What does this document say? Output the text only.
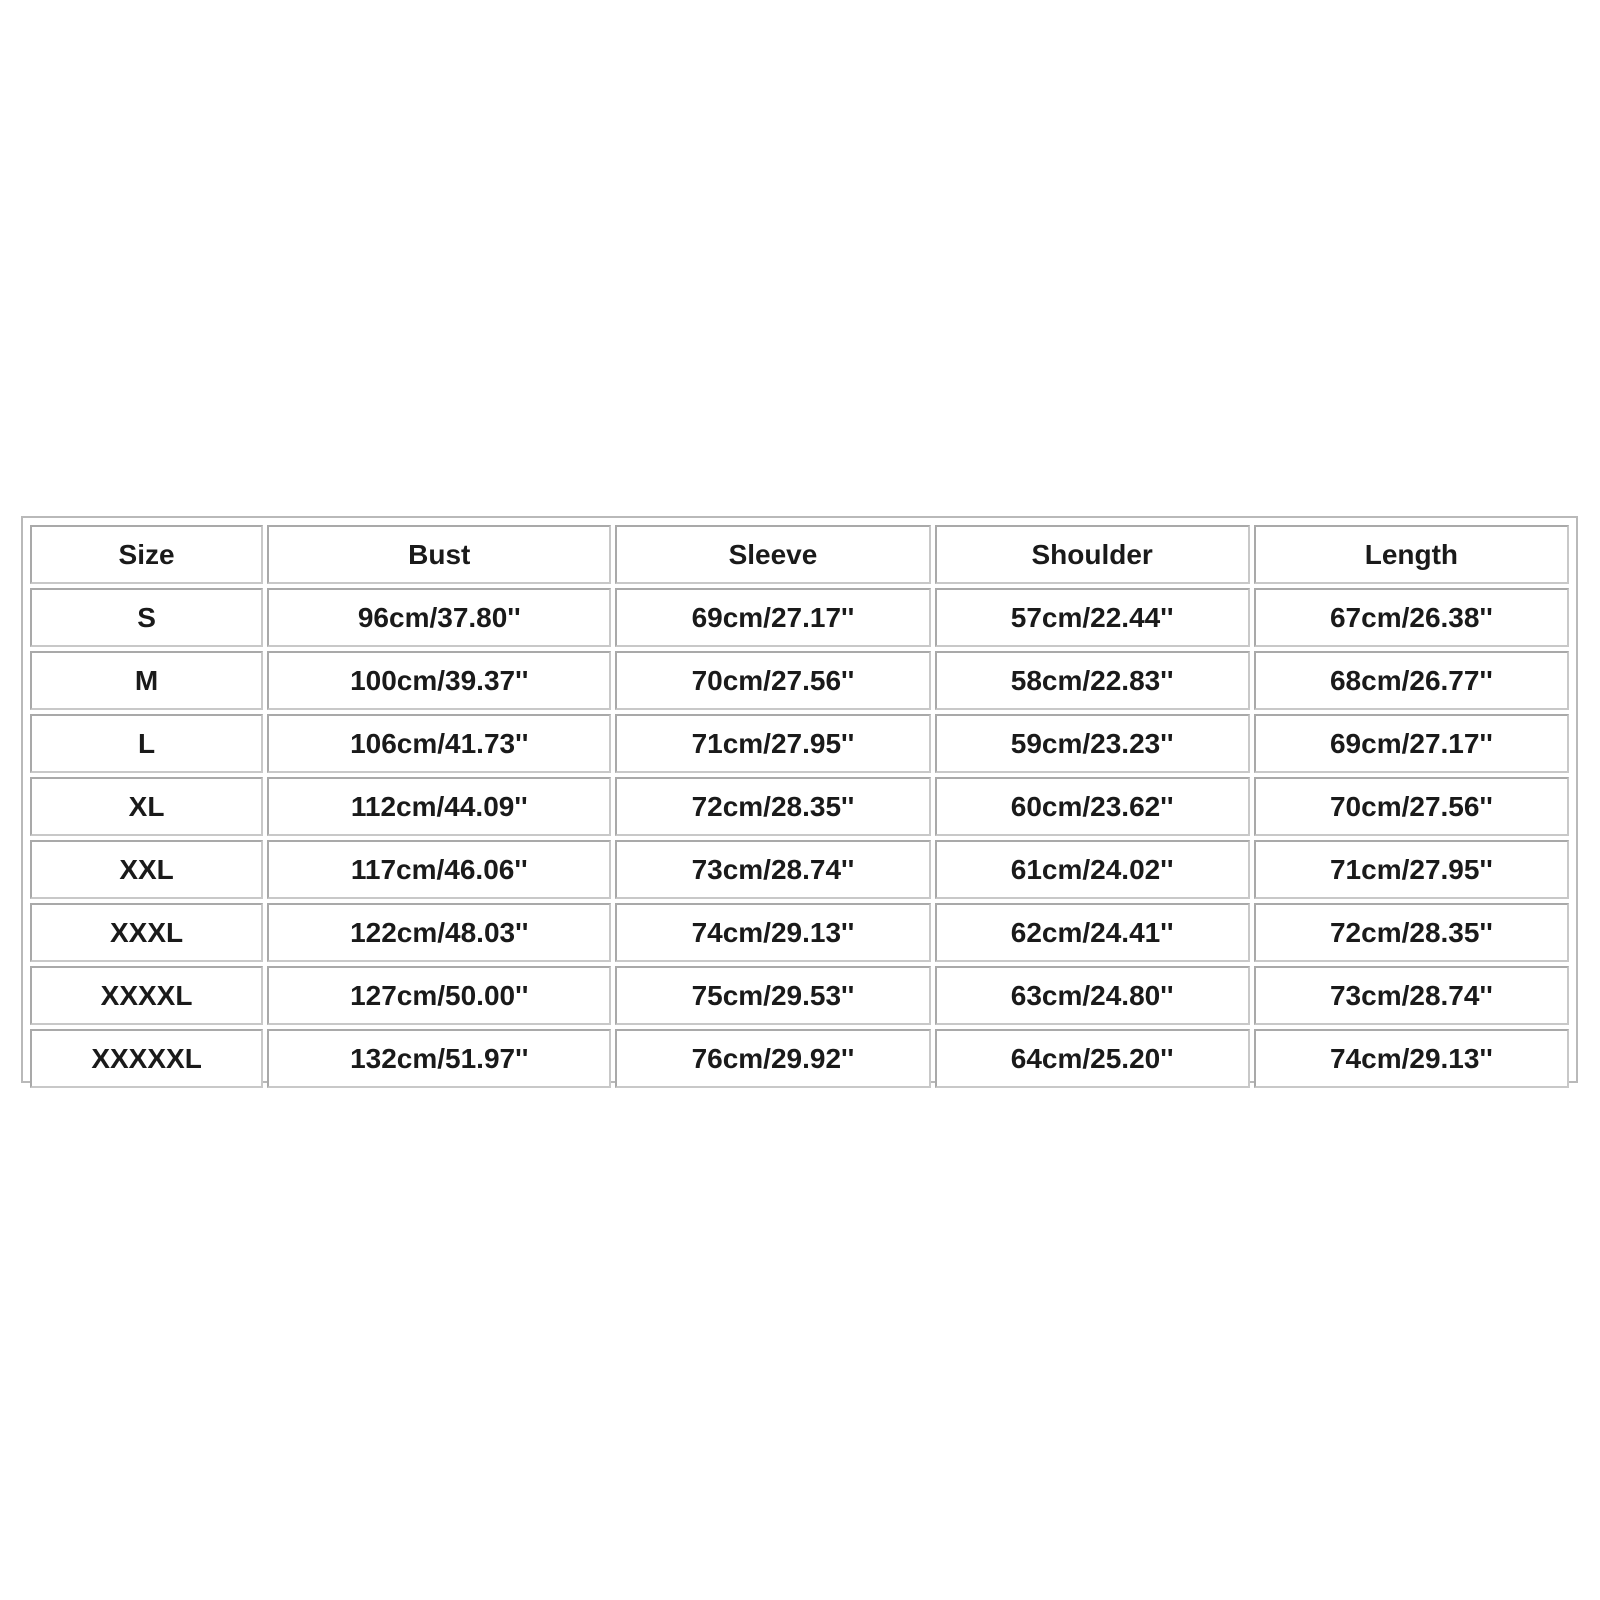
Size	Bust	Sleeve	Shoulder	Length
S	96cm/37.80''	69cm/27.17''	57cm/22.44''	67cm/26.38''
M	100cm/39.37''	70cm/27.56''	58cm/22.83''	68cm/26.77''
L	106cm/41.73''	71cm/27.95''	59cm/23.23''	69cm/27.17''
XL	112cm/44.09''	72cm/28.35''	60cm/23.62''	70cm/27.56''
XXL	117cm/46.06''	73cm/28.74''	61cm/24.02''	71cm/27.95''
XXXL	122cm/48.03''	74cm/29.13''	62cm/24.41''	72cm/28.35''
XXXXL	127cm/50.00''	75cm/29.53''	63cm/24.80''	73cm/28.74''
XXXXXL	132cm/51.97''	76cm/29.92''	64cm/25.20''	74cm/29.13''
